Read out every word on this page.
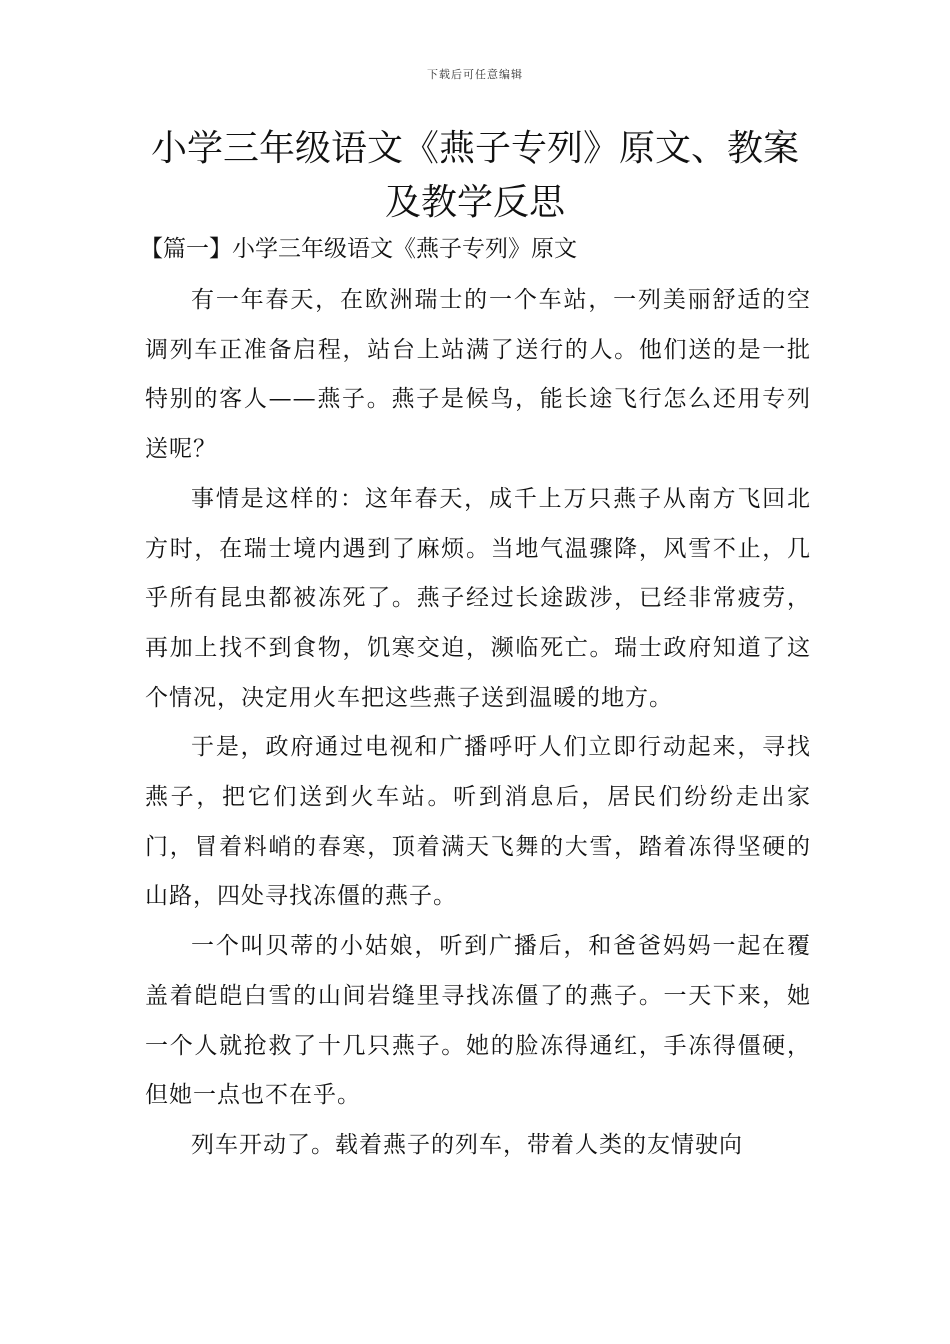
下载后可任意编辑
小学三年级语文《燕子专列》原文、教案
及教学反思
【篇一】小学三年级语文《燕子专列》原文

有一年春天，在欧洲瑞士的一个车站，一列美丽舒适的空调列车正准备启程，站台上站满了送行的人。他们送的是一批特别的客人——燕子。燕子是候鸟，能长途飞行怎么还用专列送呢？

事情是这样的：这年春天，成千上万只燕子从南方飞回北方时，在瑞士境内遇到了麻烦。当地气温骤降，风雪不止，几乎所有昆虫都被冻死了。燕子经过长途跋涉，已经非常疲劳，再加上找不到食物，饥寒交迫，濒临死亡。瑞士政府知道了这个情况，决定用火车把这些燕子送到温暖的地方。

于是，政府通过电视和广播呼吁人们立即行动起来，寻找燕子，把它们送到火车站。听到消息后，居民们纷纷走出家门，冒着料峭的春寒，顶着满天飞舞的大雪，踏着冻得坚硬的山路，四处寻找冻僵的燕子。

一个叫贝蒂的小姑娘，听到广播后，和爸爸妈妈一起在覆盖着皑皑白雪的山间岩缝里寻找冻僵了的燕子。一天下来，她一个人就抢救了十几只燕子。她的脸冻得通红，手冻得僵硬，但她一点也不在乎。

列车开动了。载着燕子的列车，带着人类的友情驶向
